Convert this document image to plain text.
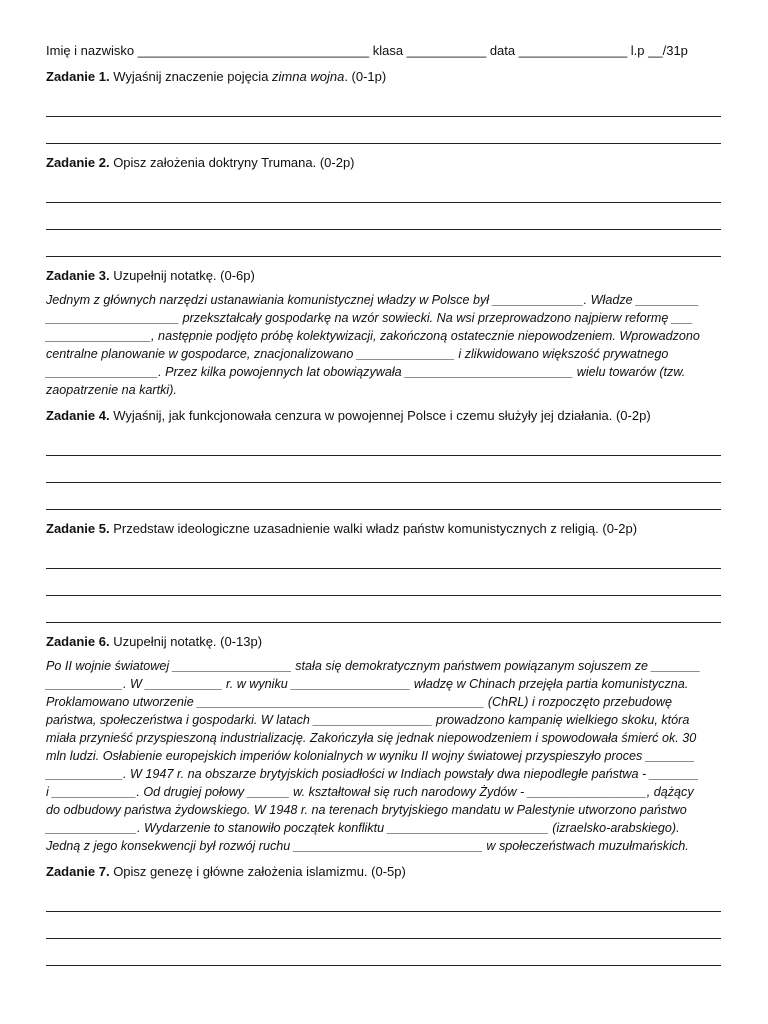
Imię i nazwisko ________________________________ klasa ___________ data _______________ l.p __/31p
Zadanie 1. Wyjaśnij znaczenie pojęcia zimna wojna. (0-1p)
Zadanie 2. Opisz założenia doktryny Trumana. (0-2p)
Zadanie 3. Uzupełnij notatkę. (0-6p)

Jednym z głównych narzędzi ustanawiania komunistycznej władzy w Polsce był _____________. Władze _________

___________________ przekształcały gospodarkę na wzór sowiecki. Na wsi przeprowadzono najpierw reformę ___

_______________, następnie podjęto próbę kolektywizacji, zakończoną ostatecznie niepowodzeniem. Wprowadzono

centralne planowanie w gospodarce, znacjonalizowano ______________ i zlikwidowano większość prywatnego

________________. Przez kilka powojennych lat obowiązywała ________________________ wielu towarów (tzw.

zaopatrzenie na kartki).

Zadanie 4. Wyjaśnij, jak funkcjonowała cenzura w powojennej Polsce i czemu służyły jej działania. (0-2p)
Zadanie 5. Przedstaw ideologiczne uzasadnienie walki władz państw komunistycznych z religią. (0-2p)
Zadanie 6. Uzupełnij notatkę. (0-13p)

Po II wojnie światowej _________________ stała się demokratycznym państwem powiązanym sojuszem ze _______

___________. W ___________ r. w wyniku _________________ władzę w Chinach przejęła partia komunistyczna.

Proklamowano utworzenie _________________________________________ (ChRL) i rozpoczęto przebudowę

państwa, społeczeństwa i gospodarki. W latach _________________ prowadzono kampanię wielkiego skoku, która

miała przynieść przyspieszoną industrializację. Zakończyła się jednak niepowodzeniem i spowodowała śmierć ok. 30

mln ludzi. Osłabienie europejskich imperiów kolonialnych w wyniku II wojny światowej przyspieszyło proces _______

___________. W 1947 r. na obszarze brytyjskich posiadłości w Indiach powstały dwa niepodległe państwa - _______

i ____________. Od drugiej połowy ______ w. kształtował się ruch narodowy Żydów - _________________, dążący

do odbudowy państwa żydowskiego. W 1948 r. na terenach brytyjskiego mandatu w Palestynie utworzono państwo

_____________. Wydarzenie to stanowiło początek konfliktu _______________________ (izraelsko-arabskiego).

Jedną z jego konsekwencji był rozwój ruchu ___________________________ w społeczeństwach muzułmańskich.

Zadanie 7. Opisz genezę i główne założenia islamizmu. (0-5p)
